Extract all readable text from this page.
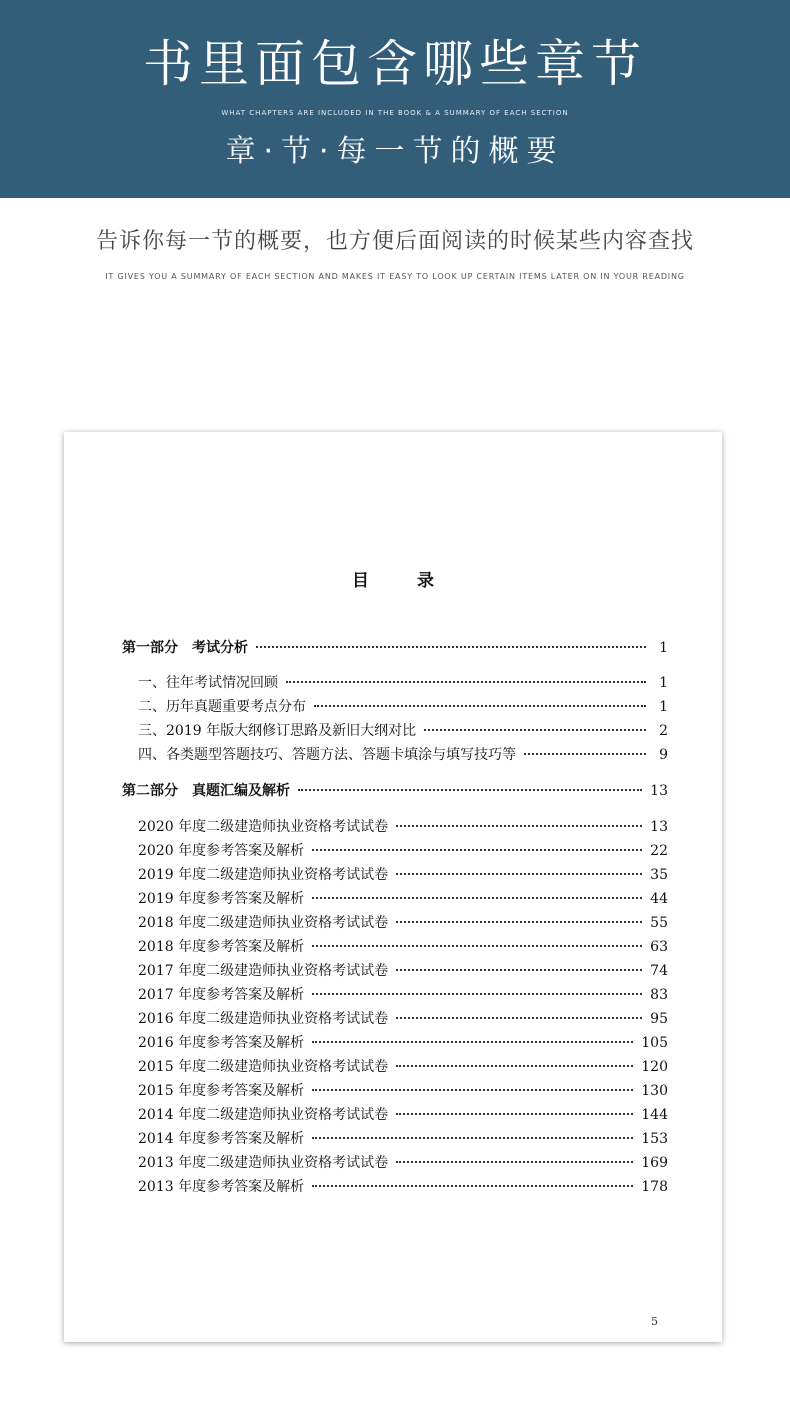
书里面包含哪些章节
WHAT CHAPTERS ARE INCLUDED IN THE BOOK & A SUMMARY OF EACH SECTION
章·节·每一节的概要
告诉你每一节的概要，也方便后面阅读的时候某些内容查找
IT GIVES YOU A SUMMARY OF EACH SECTION AND MAKES IT EASY TO LOOK UP CERTAIN ITEMS LATER ON IN YOUR READING
目	录
第一部分　考试分析	1
一、往年考试情况回顾	1
二、历年真题重要考点分布	1
三、2019 年版大纲修订思路及新旧大纲对比	2
四、各类题型答题技巧、答题方法、答题卡填涂与填写技巧等	9
第二部分　真题汇编及解析	13
2020 年度二级建造师执业资格考试试卷	13
2020 年度参考答案及解析	22
2019 年度二级建造师执业资格考试试卷	35
2019 年度参考答案及解析	44
2018 年度二级建造师执业资格考试试卷	55
2018 年度参考答案及解析	63
2017 年度二级建造师执业资格考试试卷	74
2017 年度参考答案及解析	83
2016 年度二级建造师执业资格考试试卷	95
2016 年度参考答案及解析	105
2015 年度二级建造师执业资格考试试卷	120
2015 年度参考答案及解析	130
2014 年度二级建造师执业资格考试试卷	144
2014 年度参考答案及解析	153
2013 年度二级建造师执业资格考试试卷	169
2013 年度参考答案及解析	178
5
